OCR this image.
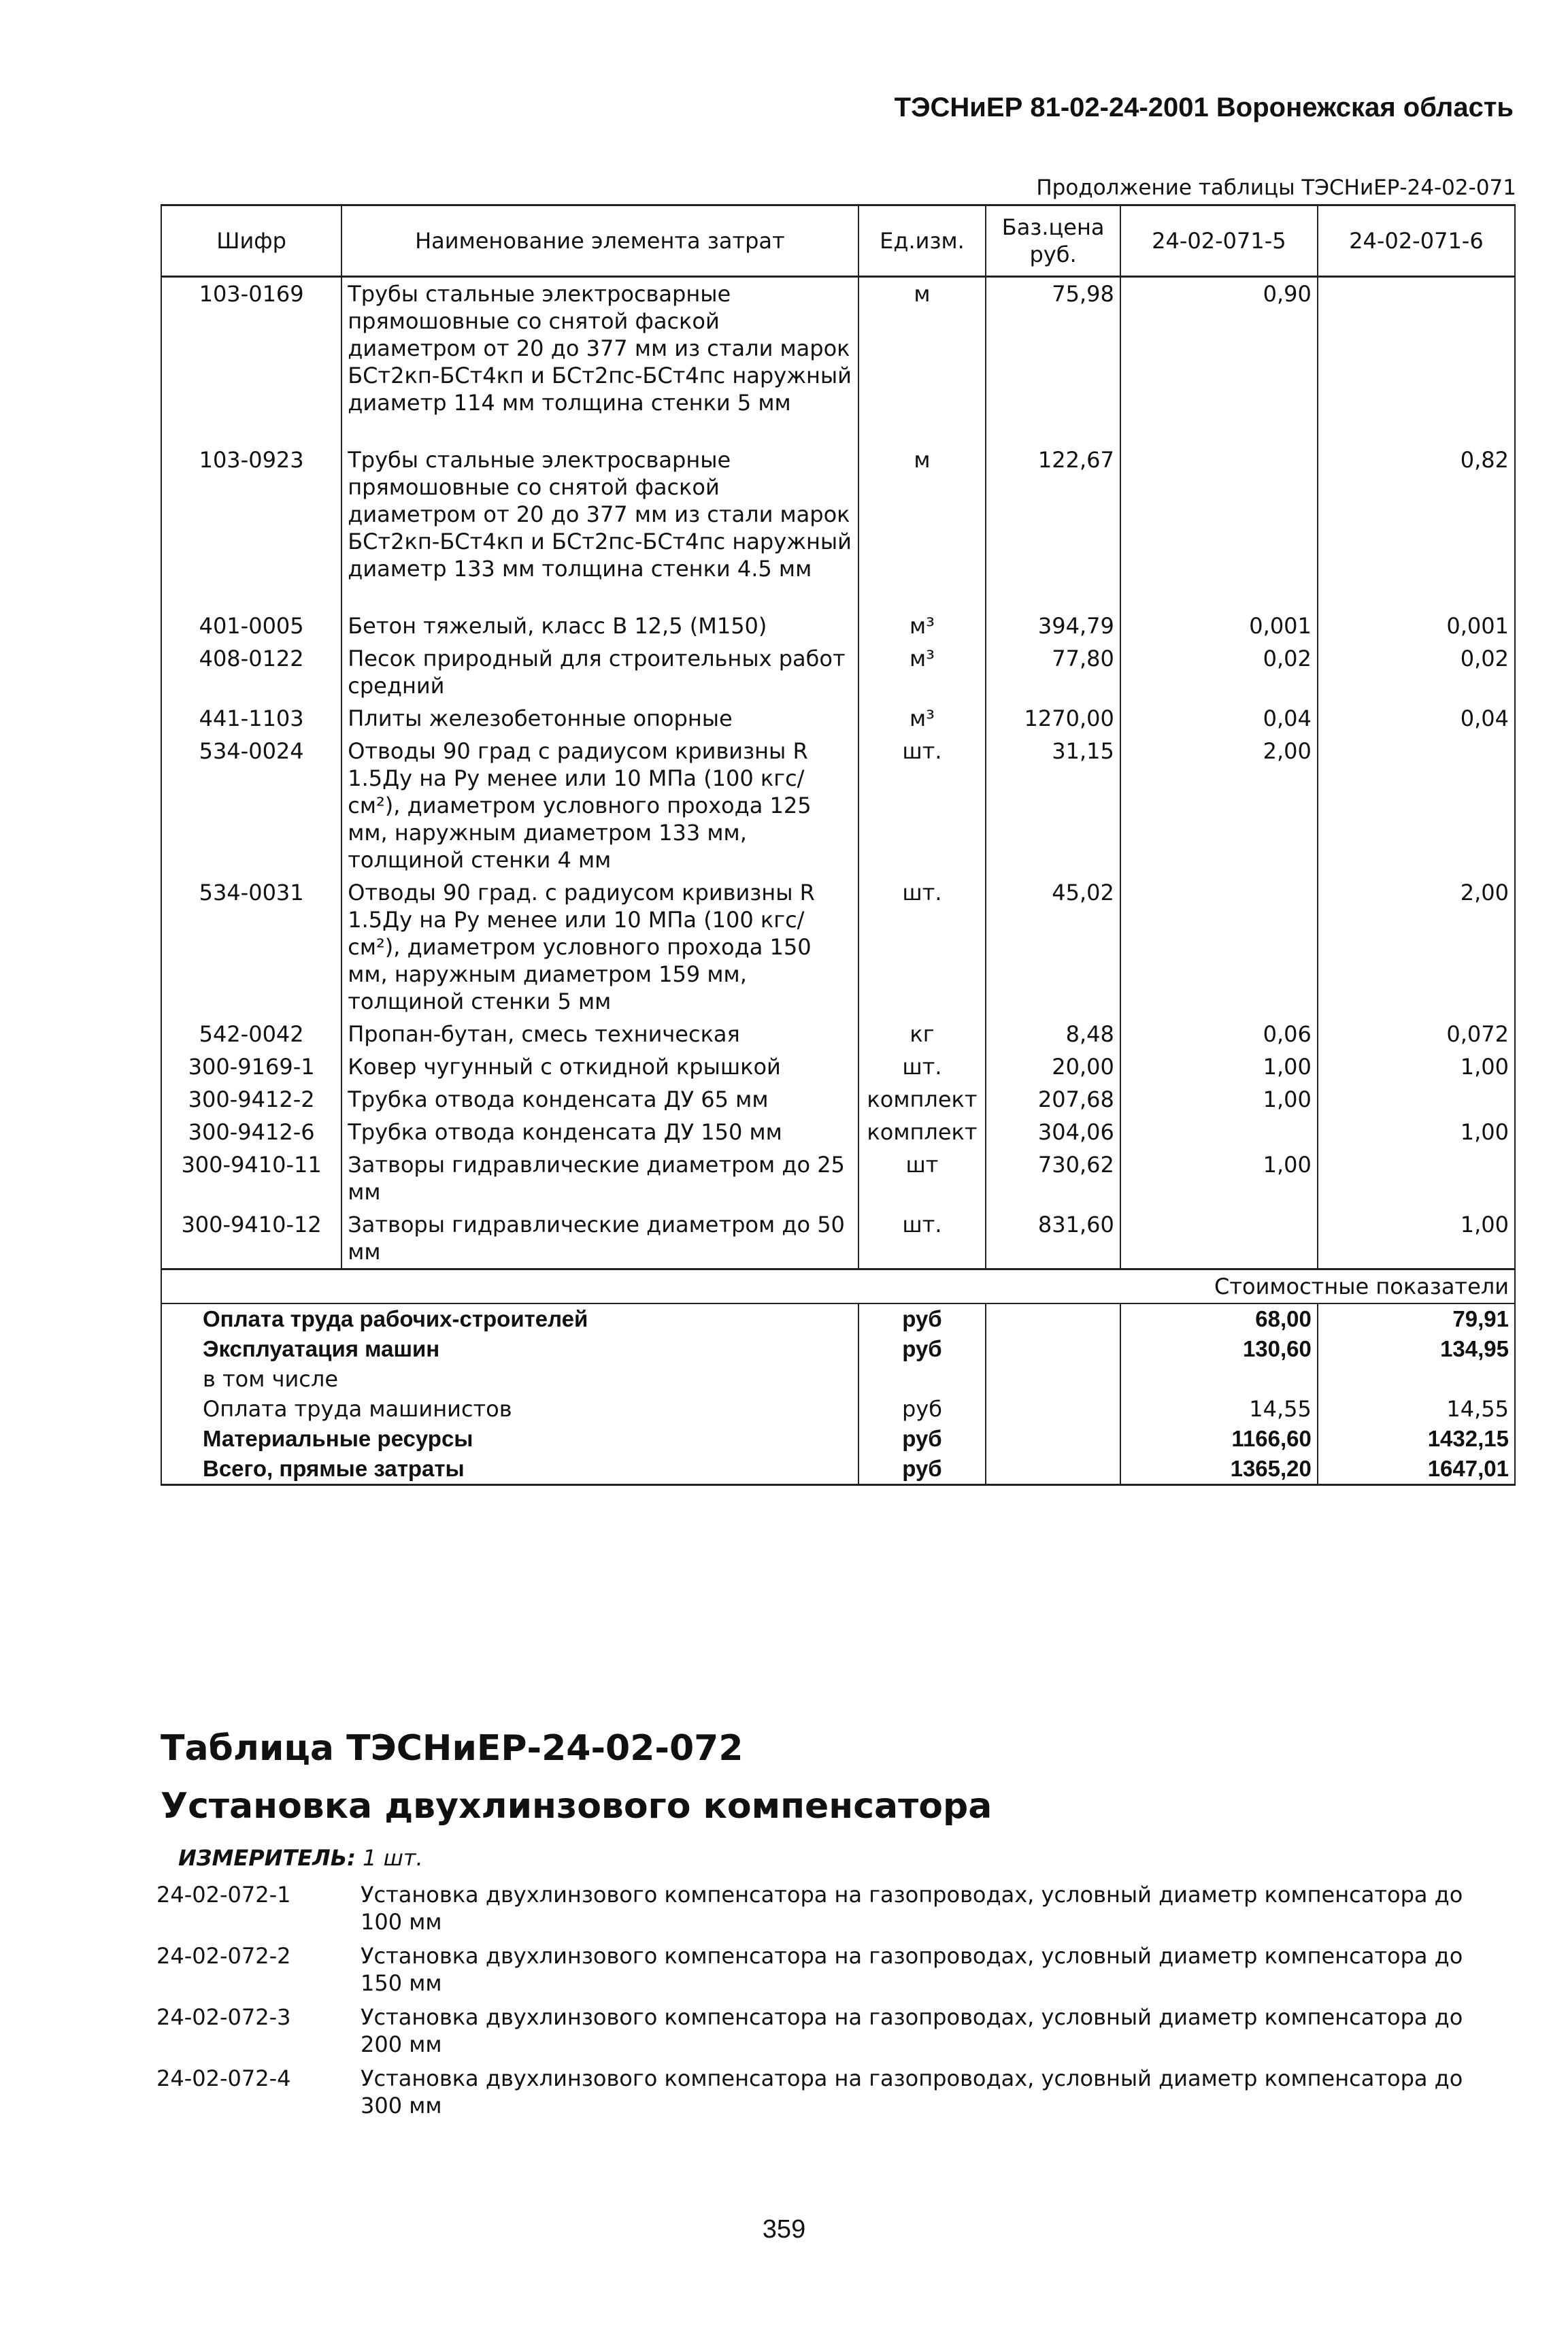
ТЭСНиЕР 81-02-24-2001 Воронежская область
Продолжение таблицы ТЭСНиЕР-24-02-071
Шифр	Наименование элемента затрат	Ед.изм.	Баз.цена руб.	24-02-071-5	24-02-071-6
103-0169	Трубы стальные электросварные прямошовные со снятой фаской диаметром от 20 до 377 мм из стали марок БСт2кп-БСт4кп и БСт2пс-БСт4пс наружный диаметр 114 мм толщина стенки 5 мм	м	75,98	0,90	
103-0923	Трубы стальные электросварные прямошовные со снятой фаской диаметром от 20 до 377 мм из стали марок БСт2кп-БСт4кп и БСт2пс-БСт4пс наружный диаметр 133 мм толщина стенки 4.5 мм	м	122,67		0,82
401-0005	Бетон тяжелый, класс В 12,5 (М150)	м³	394,79	0,001	0,001
408-0122	Песок природный для строительных работ средний	м³	77,80	0,02	0,02
441-1103	Плиты железобетонные опорные	м³	1270,00	0,04	0,04
534-0024	Отводы 90 град с радиусом кривизны R 1.5Ду на Ру менее или 10 МПа (100 кгс/см²), диаметром условного прохода 125 мм, наружным диаметром 133 мм, толщиной стенки 4 мм	шт.	31,15	2,00	
534-0031	Отводы 90 град. с радиусом кривизны R 1.5Ду на Ру менее или 10 МПа (100 кгс/см²), диаметром условного прохода 150 мм, наружным диаметром 159 мм, толщиной стенки 5 мм	шт.	45,02		2,00
542-0042	Пропан-бутан, смесь техническая	кг	8,48	0,06	0,072
300-9169-1	Ковер чугунный с откидной крышкой	шт.	20,00	1,00	1,00
300-9412-2	Трубка отвода конденсата ДУ 65 мм	комплект	207,68	1,00	
300-9412-6	Трубка отвода конденсата ДУ 150 мм	комплект	304,06		1,00
300-9410-11	Затворы гидравлические диаметром до 25 мм	шт	730,62	1,00	
300-9410-12	Затворы гидравлические диаметром до 50 мм	шт.	831,60		1,00
				Стоимостные показатели	
Оплата труда рабочих-строителей		руб		68,00	79,91
Эксплуатация машин		руб		130,60	134,95
в том числе					
Оплата труда машинистов		руб		14,55	14,55
Материальные ресурсы		руб		1166,60	1432,15
Всего, прямые затраты		руб		1365,20	1647,01
Таблица ТЭСНиЕР-24-02-072
Установка двухлинзового компенсатора
ИЗМЕРИТЕЛЬ: 1 шт.
24-02-072-1	Установка двухлинзового компенсатора на газопроводах, условный диаметр компенсатора до 100 мм
24-02-072-2	Установка двухлинзового компенсатора на газопроводах, условный диаметр компенсатора до 150 мм
24-02-072-3	Установка двухлинзового компенсатора на газопроводах, условный диаметр компенсатора до 200 мм
24-02-072-4	Установка двухлинзового компенсатора на газопроводах, условный диаметр компенсатора до 300 мм
359
